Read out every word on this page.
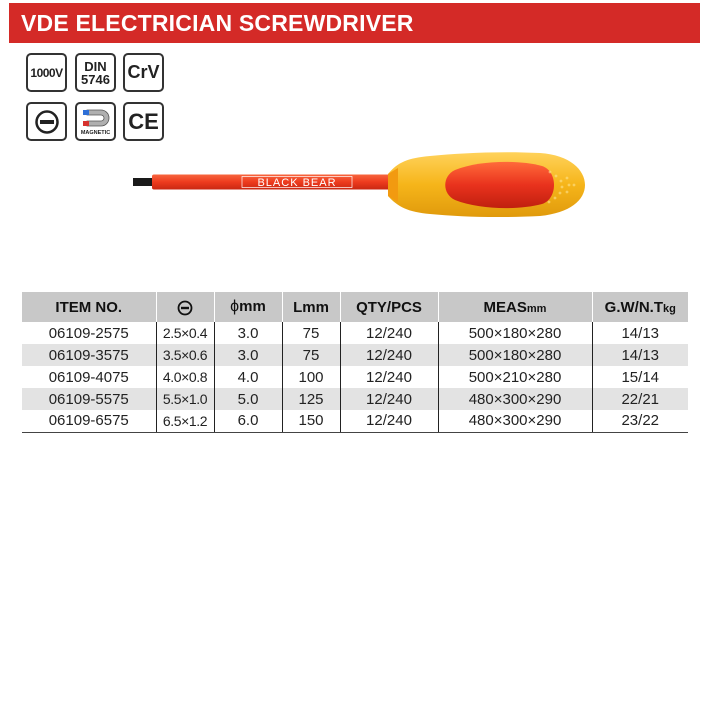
VDE ELECTRICIAN SCREWDRIVER
1000V DIN
5746 CrV
MAGNETIC CE
BLACK BEAR
ITEM NO.		ϕmm	Lmm	QTY/PCS	MEASmm	G.W/N.Tkg
06109-2575	2.5×0.4	3.0	75	12/240	500×180×280	14/13
06109-3575	3.5×0.6	3.0	75	12/240	500×180×280	14/13
06109-4075	4.0×0.8	4.0	100	12/240	500×210×280	15/14
06109-5575	5.5×1.0	5.0	125	12/240	480×300×290	22/21
06109-6575	6.5×1.2	6.0	150	12/240	480×300×290	23/22
